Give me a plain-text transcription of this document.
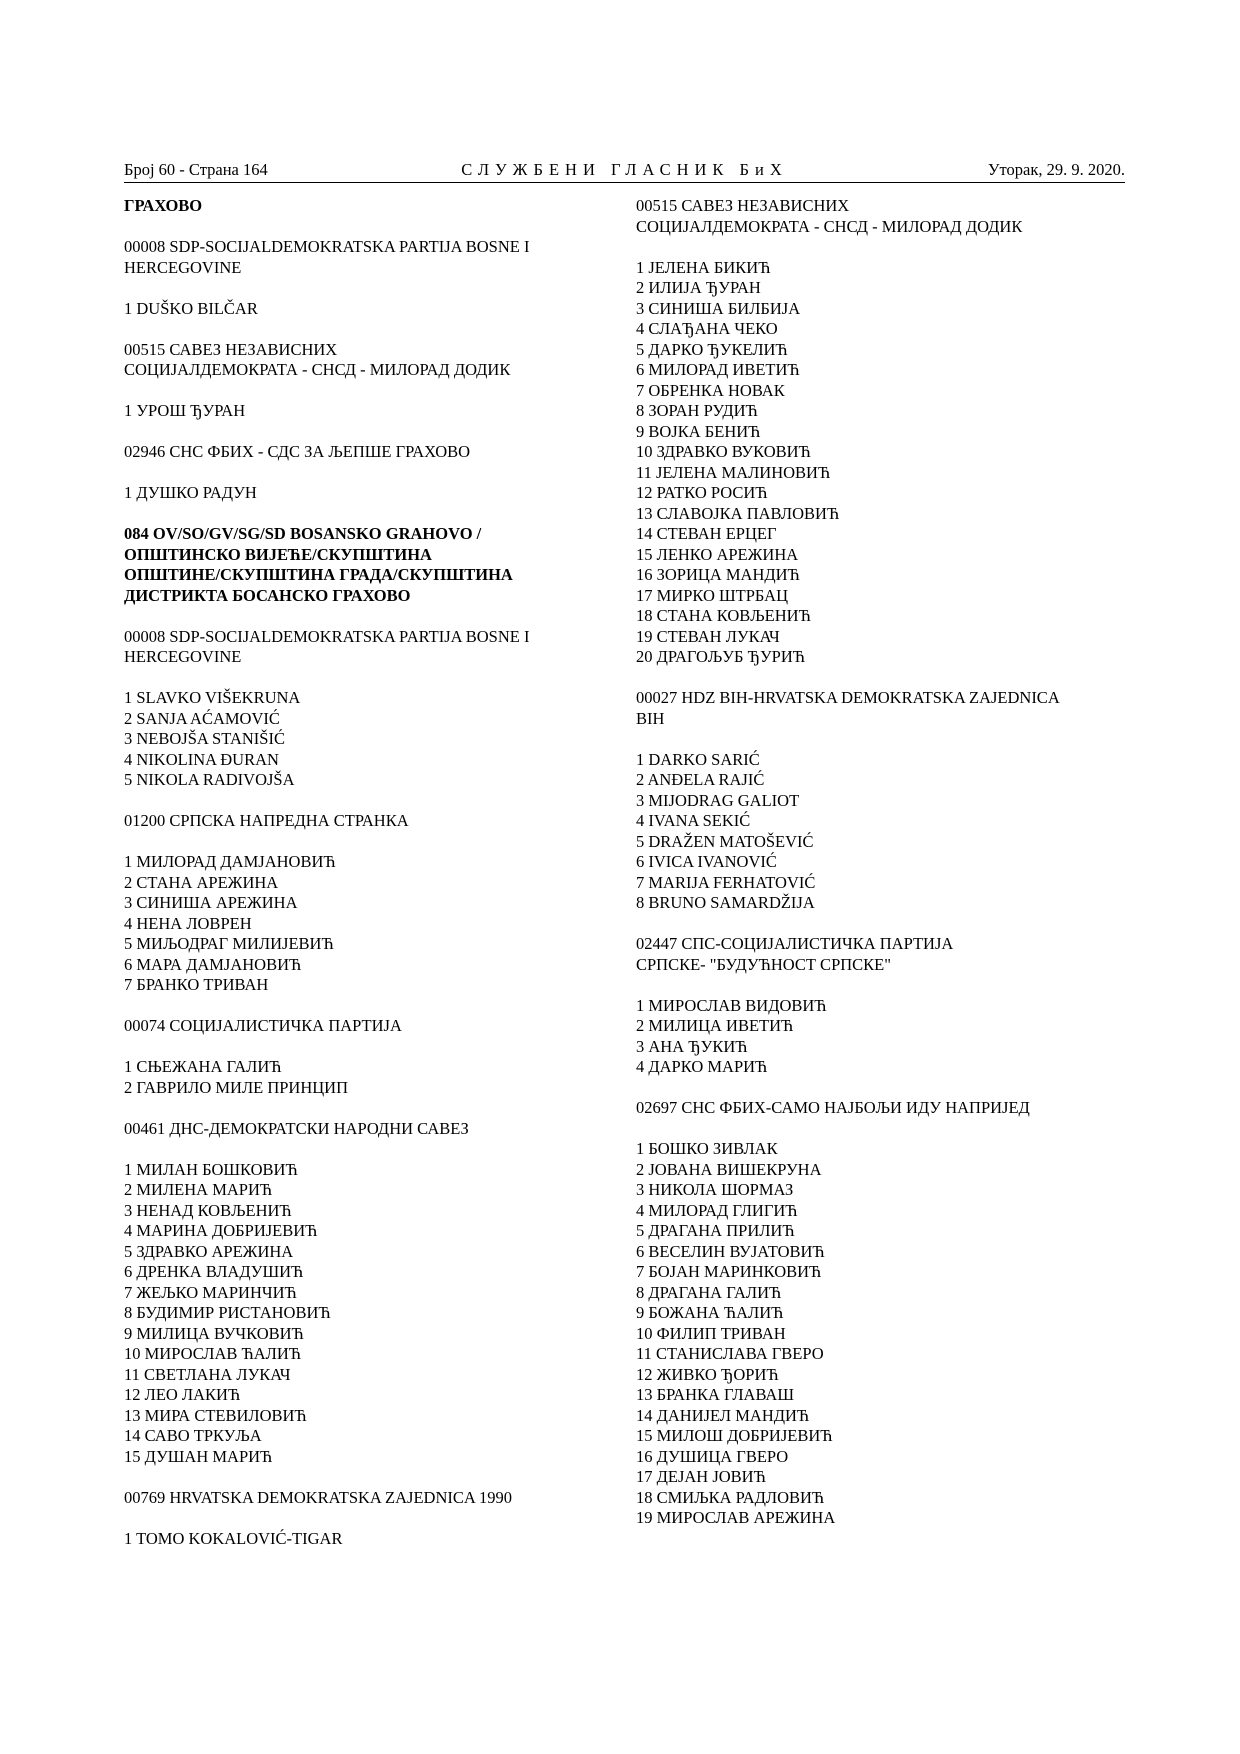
Број 60 - Страна 164	СЛУЖБЕНИ ГЛАСНИК БиХ	Уторак, 29. 9. 2020.
ГРАХОВО
00008 SDP-SOCIJALDEMOKRATSKA PARTIJA BOSNE I
HERCEGOVINE
1 DUŠKO BILČAR
00515 САВЕЗ НЕЗАВИСНИХ
СОЦИЈАЛДЕМОКРАТА - СНСД - МИЛОРАД ДОДИК
1 УРОШ ЂУРАН
02946 СНС ФБИХ - СДС ЗА ЉЕПШЕ ГРАХОВО
1 ДУШКО РАДУН
084 OV/SO/GV/SG/SD BOSANSKO GRAHOVO /
ОПШТИНСКО ВИЈЕЋЕ/СКУПШТИНА
ОПШТИНЕ/СКУПШТИНА ГРАДА/СКУПШТИНА
ДИСТРИКТА БОСАНСКО ГРАХОВО
00008 SDP-SOCIJALDEMOKRATSKA PARTIJA BOSNE I
HERCEGOVINE
1 SLAVKO VIŠEKRUNA
2 SANJA AĆAMOVIĆ
3 NEBOJŠA STANIŠIĆ
4 NIKOLINA ĐURAN
5 NIKOLA RADIVOJŠA
01200 СРПСКА НАПРЕДНА СТРАНКА
1 МИЛОРАД ДАМЈАНОВИЋ
2 СТАНА АРЕЖИНА
3 СИНИША АРЕЖИНА
4 НЕНА ЛОВРЕН
5 МИЉОДРАГ МИЛИЈЕВИЋ
6 МАРА ДАМЈАНОВИЋ
7 БРАНКО ТРИВАН
00074 СОЦИЈАЛИСТИЧКА ПАРТИЈА
1 СЊЕЖАНА ГАЛИЋ
2 ГАВРИЛО МИЛЕ ПРИНЦИП
00461 ДНС-ДЕМОКРАТСКИ НАРОДНИ САВЕЗ
1 МИЛАН БОШКОВИЋ
2 МИЛЕНА МАРИЋ
3 НЕНАД КОВЉЕНИЋ
4 МАРИНА ДОБРИЈЕВИЋ
5 ЗДРАВКО АРЕЖИНА
6 ДРЕНКА ВЛАДУШИЋ
7 ЖЕЉКО МАРИНЧИЋ
8 БУДИМИР РИСТАНОВИЋ
9 МИЛИЦА ВУЧКОВИЋ
10 МИРОСЛАВ ЋАЛИЋ
11 СВЕТЛАНА ЛУКАЧ
12 ЛЕО ЛАКИЋ
13 МИРА СТЕВИЛОВИЋ
14 САВО ТРКУЉА
15 ДУШАН МАРИЋ
00769 HRVATSKA DEMOKRATSKA ZAJEDNICA 1990
1 TOMO KOKALOVIĆ-TIGAR
00515 САВЕЗ НЕЗАВИСНИХ
СОЦИЈАЛДЕМОКРАТА - СНСД - МИЛОРАД ДОДИК
1 ЈЕЛЕНА БИКИЋ
2 ИЛИЈА ЂУРАН
3 СИНИША БИЛБИЈА
4 СЛАЂАНА ЧЕКО
5 ДАРКО ЂУКЕЛИЋ
6 МИЛОРАД ИВЕТИЋ
7 ОБРЕНКА НОВАК
8 ЗОРАН РУДИЋ
9 ВОЈКА БЕНИЋ
10 ЗДРАВКО ВУКОВИЋ
11 ЈЕЛЕНА МАЛИНОВИЋ
12 РАТКО РОСИЋ
13 СЛАВОЈКА ПАВЛОВИЋ
14 СТЕВАН ЕРЦЕГ
15 ЛЕНКО АРЕЖИНА
16 ЗОРИЦА МАНДИЋ
17 МИРКО ШТРБАЦ
18 СТАНА КОВЉЕНИЋ
19 СТЕВАН ЛУКАЧ
20 ДРАГОЉУБ ЂУРИЋ
00027 HDZ BIH-HRVATSKA DEMOKRATSKA ZAJEDNICA
BIH
1 DARKO SARIĆ
2 ANĐELA RAJIĆ
3 MIJODRAG GALIOT
4 IVANA SEKIĆ
5 DRAŽEN MATOŠEVIĆ
6 IVICA IVANOVIĆ
7 MARIJA FERHATOVIĆ
8 BRUNO SAMARDŽIJA
02447 СПС-СОЦИЈАЛИСТИЧКА ПАРТИЈА
СРПСКЕ- "БУДУЋНОСТ СРПСКЕ"
1 МИРОСЛАВ ВИДОВИЋ
2 МИЛИЦА ИВЕТИЋ
3 АНА ЂУКИЋ
4 ДАРКО МАРИЋ
02697 СНС ФБИХ-САМО НАЈБОЉИ ИДУ НАПРИЈЕД
1 БОШКО ЗИВЛАК
2 ЈОВАНА ВИШЕКРУНА
3 НИКОЛА ШОРМАЗ
4 МИЛОРАД ГЛИГИЋ
5 ДРАГАНА ПРИЛИЋ
6 ВЕСЕЛИН ВУЈАТОВИЋ
7 БОЈАН МАРИНКОВИЋ
8 ДРАГАНА ГАЛИЋ
9 БОЖАНА ЋАЛИЋ
10 ФИЛИП ТРИВАН
11 СТАНИСЛАВА ГВЕРО
12 ЖИВКО ЂОРИЋ
13 БРАНКА ГЛАВАШ
14 ДАНИЈЕЛ МАНДИЋ
15 МИЛОШ ДОБРИЈЕВИЋ
16 ДУШИЦА ГВЕРО
17 ДЕЈАН ЈОВИЋ
18 СМИЉКА РАДЛОВИЋ
19 МИРОСЛАВ АРЕЖИНА
